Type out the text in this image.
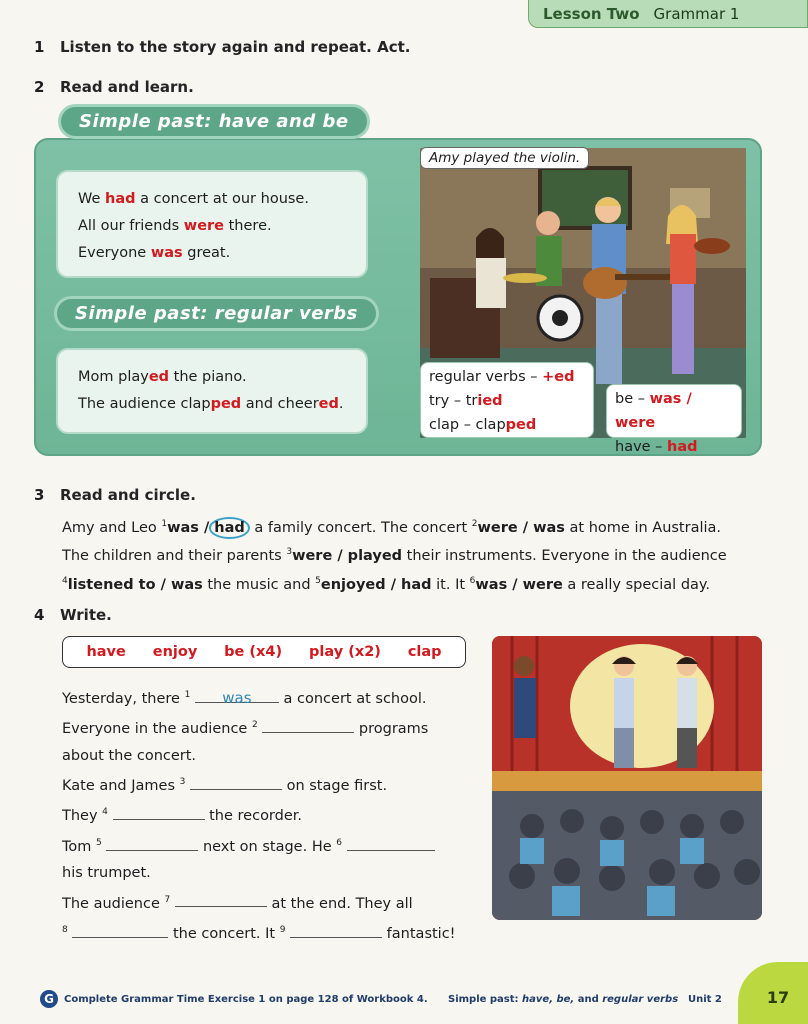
Lesson Two Grammar 1
1 Listen to the story again and repeat. Act.
2 Read and learn.
Simple past: have and be
We had a concert at our house.
All our friends were there.
Everyone was great.
Simple past: regular verbs
Mom played the piano.
The audience clapped and cheered.
Amy played the violin.
regular verbs – +ed
try – tried
clap – clapped
be – was / were
have – had
3 Read and circle.
Amy and Leo $^1$was / had a family concert. The concert $^2$were / was at home in Australia.
The children and their parents $^3$were / played their instruments. Everyone in the audience
$^4$listened to / was the music and $^5$enjoyed / had it. It $^6$was / were a really special day.
4 Write.
have enjoy be (x4) play (x2) clap
Yesterday, there $^1$ was a concert at school.
Everyone in the audience $^2$	programs
about the concert.
Kate and James $^3$	on stage first.
They $^4$	the recorder.
Tom $^5$	next on stage. He $^6$
his trumpet.
The audience $^7$	at the end. They all
$^8$	the concert. It $^9$	fantastic!
G	Complete Grammar Time Exercise 1 on page 128 of Workbook 4. Simple past: have, be, and regular verbs Unit 2	17
